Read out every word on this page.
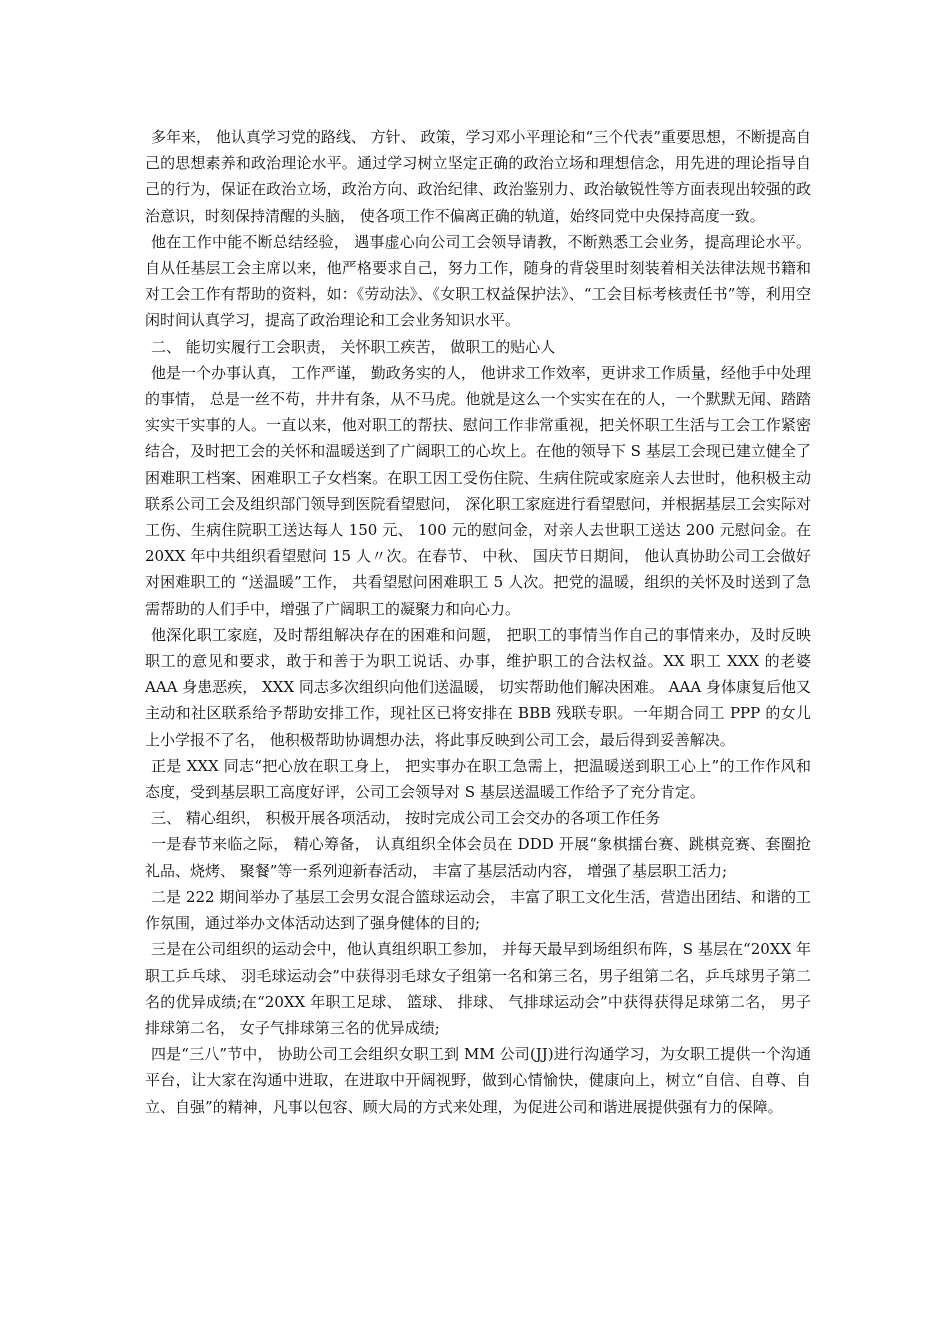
多年来， 他认真学习党的路线、 方针、 政策，学习邓小平理论和“三个代表”重要思想，不断提高自己的思想素养和政治理论水平。通过学习树立坚定正确的政治立场和理想信念，用先进的理论指导自己的行为，保证在政治立场，政治方向、政治纪律、政治鉴别力、政治敏锐性等方面表现出较强的政治意识，时刻保持清醒的头脑， 使各项工作不偏离正确的轨道，始终同党中央保持高度一致。

他在工作中能不断总结经验， 遇事虚心向公司工会领导请教，不断熟悉工会业务，提高理论水平。自从任基层工会主席以来，他严格要求自己，努力工作，随身的背袋里时刻装着相关法律法规书籍和对工会工作有帮助的资料，如：《劳动法》、《女职工权益保护法》、“工会目标考核责任书”等，利用空闲时间认真学习，提高了政治理论和工会业务知识水平。

二、 能切实履行工会职责， 关怀职工疾苦， 做职工的贴心人

他是一个办事认真， 工作严谨， 勤政务实的人， 他讲求工作效率，更讲求工作质量，经他手中处理的事情， 总是一丝不苟，井井有条，从不马虎。他就是这么一个实实在在的人，一个默默无闻、踏踏实实干实事的人。一直以来，他对职工的帮扶、慰问工作非常重视，把关怀职工生活与工会工作紧密结合，及时把工会的关怀和温暖送到了广阔职工的心坎上。在他的领导下 S 基层工会现已建立健全了困难职工档案、困难职工子女档案。在职工因工受伤住院、生病住院或家庭亲人去世时，他积极主动联系公司工会及组织部门领导到医院看望慰问， 深化职工家庭进行看望慰问，并根据基层工会实际对工伤、生病住院职工送达每人 150 元、 100 元的慰问金，对亲人去世职工送达 200 元慰问金。在 20XX 年中共组织看望慰问 15 人〃次。在春节、 中秋、 国庆节日期间， 他认真协助公司工会做好对困难职工的 “送温暖”工作， 共看望慰问困难职工 5 人次。把党的温暖，组织的关怀及时送到了急需帮助的人们手中，增强了广阔职工的凝聚力和向心力。

他深化职工家庭，及时帮组解决存在的困难和问题， 把职工的事情当作自己的事情来办，及时反映职工的意见和要求，敢于和善于为职工说话、办事，维护职工的合法权益。XX 职工 XXX 的老婆 AAA 身患恶疾， XXX 同志多次组织向他们送温暖， 切实帮助他们解决困难。 AAA 身体康复后他又主动和社区联系给予帮助安排工作，现社区已将安排在 BBB 残联专职。一年期合同工 PPP 的女儿上小学报不了名， 他积极帮助协调想办法，将此事反映到公司工会，最后得到妥善解决。

正是 XXX 同志“把心放在职工身上， 把实事办在职工急需上，把温暖送到职工心上”的工作作风和态度，受到基层职工高度好评，公司工会领导对 S 基层送温暖工作给予了充分肯定。

三、 精心组织， 积极开展各项活动， 按时完成公司工会交办的各项工作任务

一是春节来临之际， 精心筹备， 认真组织全体会员在 DDD 开展“象棋擂台赛、跳棋竞赛、套圈抢礼品、烧烤、 聚餐”等一系列迎新春活动， 丰富了基层活动内容， 增强了基层职工活力;

二是 222 期间举办了基层工会男女混合篮球运动会， 丰富了职工文化生活，营造出团结、和谐的工作氛围，通过举办文体活动达到了强身健体的目的;

三是在公司组织的运动会中，他认真组织职工参加， 并每天最早到场组织布阵，S 基层在“20XX 年职工乒乓球、 羽毛球运动会”中获得羽毛球女子组第一名和第三名，男子组第二名，乒乓球男子第二名的优异成绩;在“20XX 年职工足球、 篮球、 排球、 气排球运动会”中获得获得足球第二名， 男子排球第二名， 女子气排球第三名的优异成绩;

四是“三八”节中， 协助公司工会组织女职工到 MM 公司(JJ)进行沟通学习，为女职工提供一个沟通平台，让大家在沟通中进取，在进取中开阔视野，做到心情愉快，健康向上，树立“自信、自尊、自立、自强”的精神，凡事以包容、顾大局的方式来处理，为促进公司和谐进展提供强有力的保障。
